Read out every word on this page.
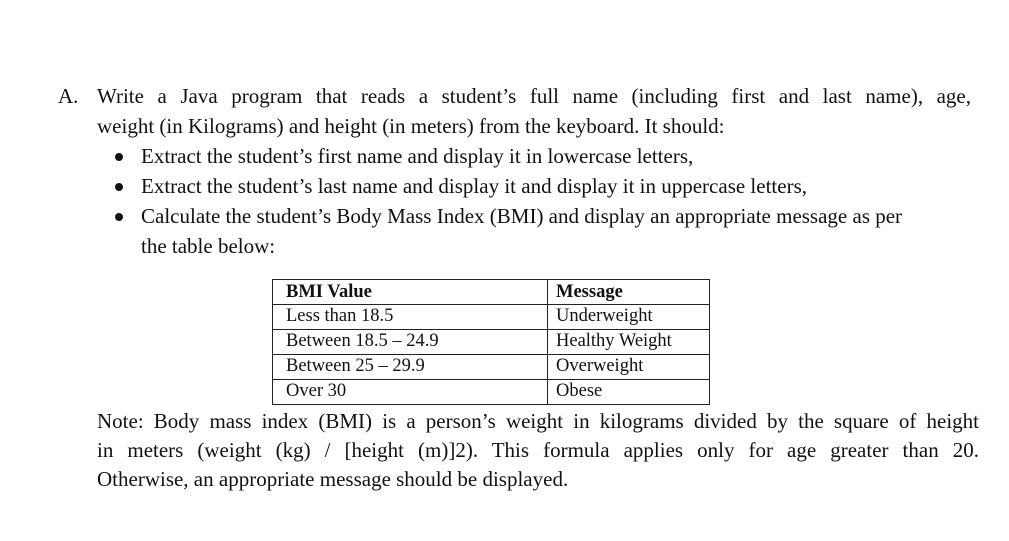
A. Write a Java program that reads a student’s full name (including first and last name), age,
weight (in Kilograms) and height (in meters) from the keyboard. It should:
Extract the student’s first name and display it in lowercase letters,
Extract the student’s last name and display it and display it in uppercase letters,
Calculate the student’s Body Mass Index (BMI) and display an appropriate message as per
the table below:
BMI Value	Message
Less than 18.5	Underweight
Between 18.5 – 24.9	Healthy Weight
Between 25 – 29.9	Overweight
Over 30	Obese
Note: Body mass index (BMI) is a person’s weight in kilograms divided by the square of height
in meters (weight (kg) / [height (m)]2). This formula applies only for age greater than 20.
Otherwise, an appropriate message should be displayed.
